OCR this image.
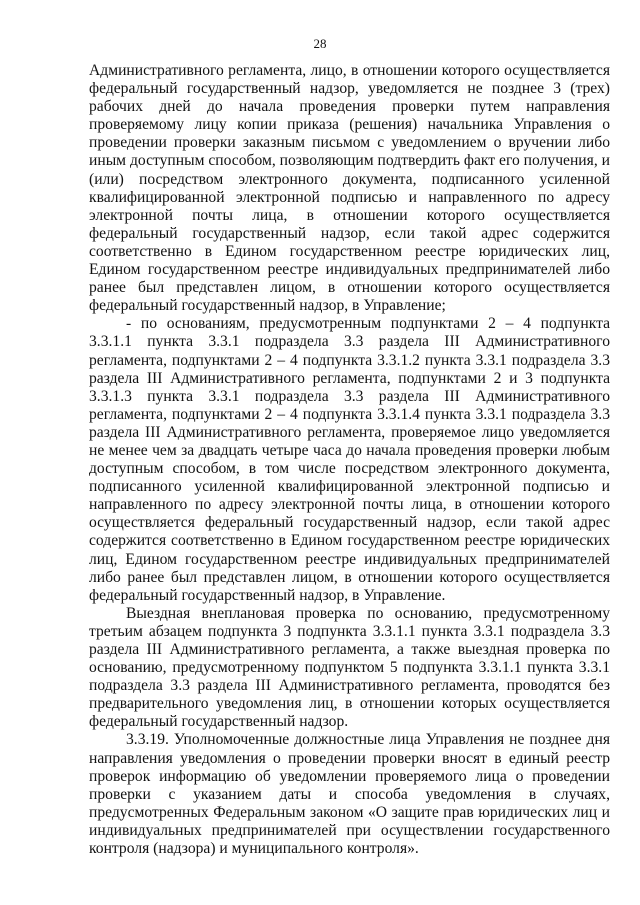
28

Административного регламента, лицо, в отношении которого осуществляется федеральный государственный надзор, уведомляется не позднее 3 (трех) рабочих дней до начала проведения проверки путем направления проверяемому лицу копии приказа (решения) начальника Управления о проведении проверки заказным письмом с уведомлением о вручении либо иным доступным способом, позволяющим подтвердить факт его получения, и (или) посредством электронного документа, подписанного усиленной квалифицированной электронной подписью и направленного по адресу электронной почты лица, в отношении которого осуществляется федеральный государственный надзор, если такой адрес содержится соответственно в Едином государственном реестре юридических лиц, Едином государственном реестре индивидуальных предпринимателей либо ранее был представлен лицом, в отношении которого осуществляется федеральный государственный надзор, в Управление;

- по основаниям, предусмотренным подпунктами 2 – 4 подпункта 3.3.1.1 пункта 3.3.1 подраздела 3.3 раздела III Административного регламента, подпунктами 2 – 4 подпункта 3.3.1.2 пункта 3.3.1 подраздела 3.3 раздела III Административного регламента, подпунктами 2 и 3 подпункта 3.3.1.3 пункта 3.3.1 подраздела 3.3 раздела III Административного регламента, подпунктами 2 – 4 подпункта 3.3.1.4 пункта 3.3.1 подраздела 3.3 раздела III Административного регламента, проверяемое лицо уведомляется не менее чем за двадцать четыре часа до начала проведения проверки любым доступным способом, в том числе посредством электронного документа, подписанного усиленной квалифицированной электронной подписью и направленного по адресу электронной почты лица, в отношении которого осуществляется федеральный государственный надзор, если такой адрес содержится соответственно в Едином государственном реестре юридических лиц, Едином государственном реестре индивидуальных предпринимателей либо ранее был представлен лицом, в отношении которого осуществляется федеральный государственный надзор, в Управление.

Выездная внеплановая проверка по основанию, предусмотренному третьим абзацем подпункта 3 подпункта 3.3.1.1 пункта 3.3.1 подраздела 3.3 раздела III Административного регламента, а также выездная проверка по основанию, предусмотренному подпунктом 5 подпункта 3.3.1.1 пункта 3.3.1 подраздела 3.3 раздела III Административного регламента, проводятся без предварительного уведомления лиц, в отношении которых осуществляется федеральный государственный надзор.

3.3.19. Уполномоченные должностные лица Управления не позднее дня направления уведомления о проведении проверки вносят в единый реестр проверок информацию об уведомлении проверяемого лица о проведении проверки с указанием даты и способа уведомления в случаях, предусмотренных Федеральным законом «О защите прав юридических лиц и индивидуальных предпринимателей при осуществлении государственного контроля (надзора) и муниципального контроля».
